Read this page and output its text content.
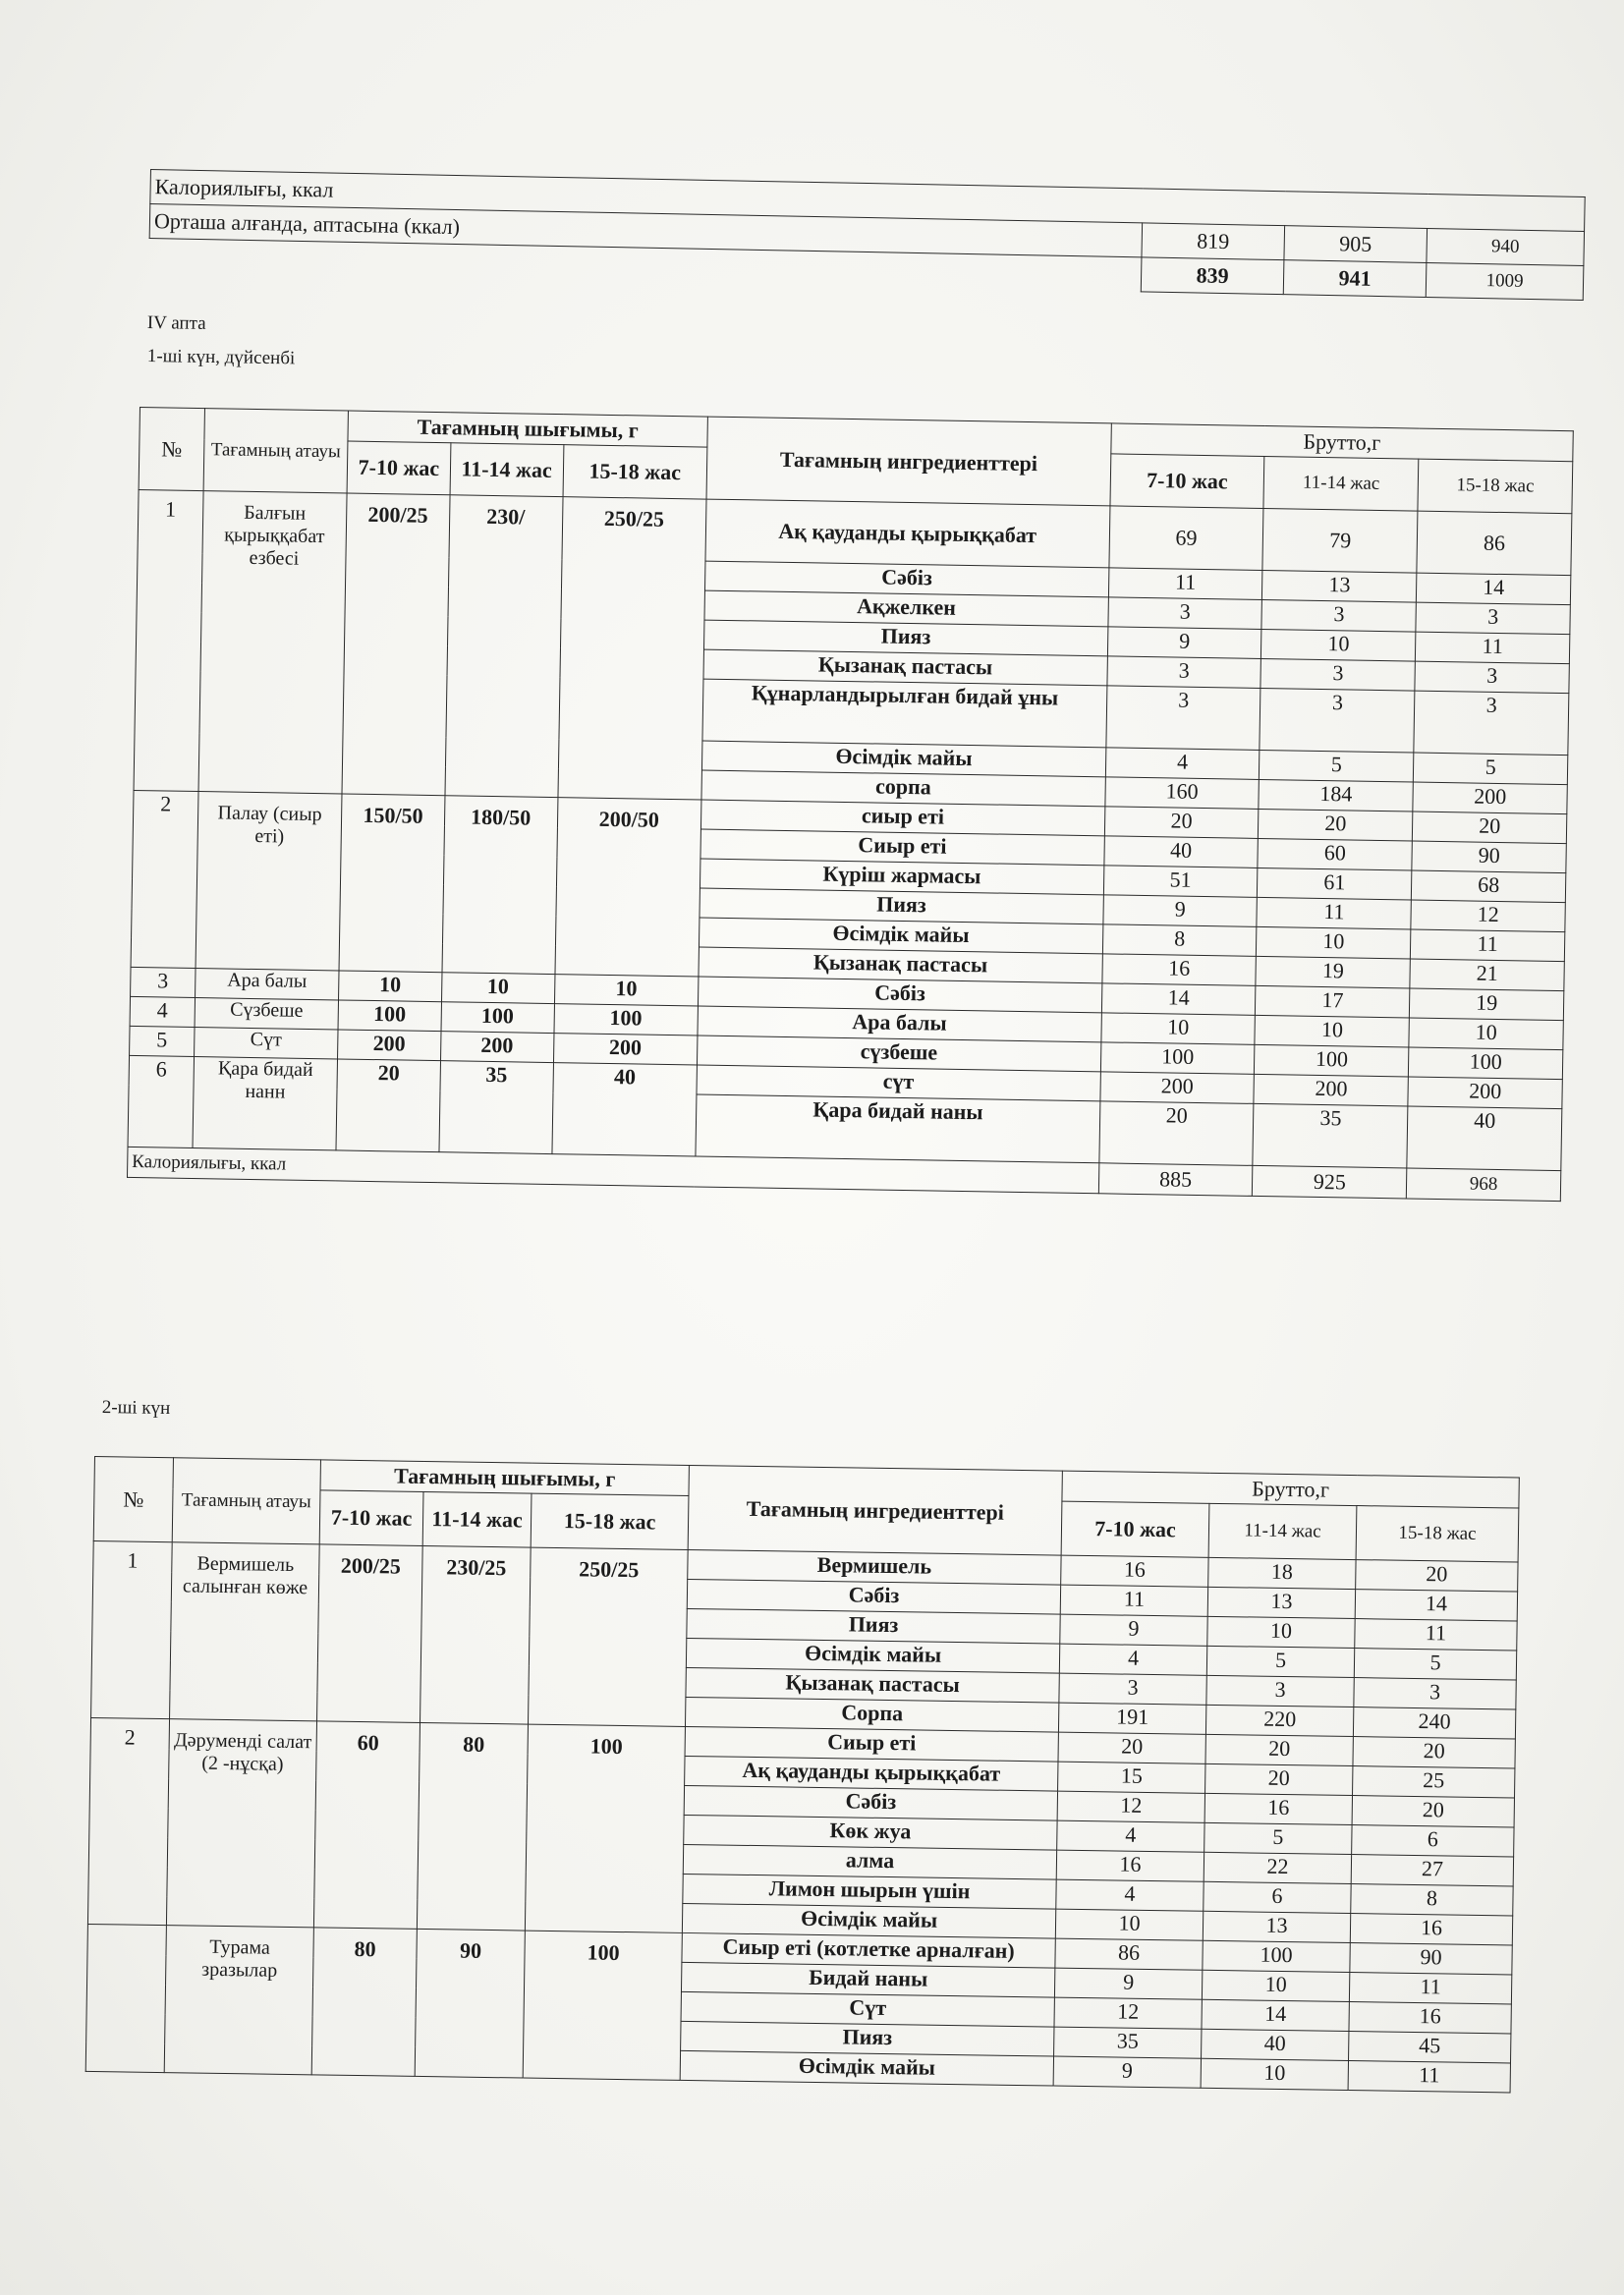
Калориялығы, ккал			
Орташа алғанда, аптасына (ккал)	819	905	940
	839	941	1009
IV апта
1-ші күн, дүйсенбі
№	Тағамның атауы	Тағамның шығымы, г			Тағамның ингредиенттері	Брутто,г		
		7-10 жас	11-14 жас	15-18 жас		7-10 жас	11-14 жас	15-18 жас
1	Балғын қырыққабат езбесі	200/25	230/	250/25	Ақ қауданды қырыққабат	69	79	86
					Сәбіз	11	13	14
					Ақжелкен	3	3	3
					Пияз	9	10	11
					Қызанақ пастасы	3	3	3
					Құнарландырылған бидай ұны	3	3	3
					Өсімдік майы	4	5	5
					сорпа	160	184	200
2	Палау (сиыр еті)	150/50	180/50	200/50	сиыр еті	20	20	20
					Сиыр еті	40	60	90
					Күріш жармасы	51	61	68
					Пияз	9	11	12
					Өсімдік майы	8	10	11
					Қызанақ пастасы	16	19	21
3	Ара балы	10	10	10	Сәбіз	14	17	19
4	Сүзбеше	100	100	100	Ара балы	10	10	10
5	Сүт	200	200	200	сүзбеше	100	100	100
6	Қара бидай нанн	20	35	40	сүт	200	200	200
					Қара бидай наны	20	35	40
Калориялығы, ккал						885	925	968
2-ші күн
№	Тағамның атауы	Тағамның шығымы, г			Тағамның ингредиенттері	Брутто,г		
		7-10 жас	11-14 жас	15-18 жас		7-10 жас	11-14 жас	15-18 жас
1	Вермишель салынған көже	200/25	230/25	250/25	Вермишель	16	18	20
					Сәбіз	11	13	14
					Пияз	9	10	11
					Өсімдік майы	4	5	5
					Қызанақ пастасы	3	3	3
					Сорпа	191	220	240
2	Дәруменді салат (2 -нұсқа)	60	80	100	Сиыр еті	20	20	20
					Ақ қауданды қырыққабат	15	20	25
					Сәбіз	12	16	20
					Көк жуа	4	5	6
					алма	16	22	27
					Лимон шырын үшін	4	6	8
					Өсімдік майы	10	13	16
	Турама зразылар	80	90	100	Сиыр еті (котлетке арналған)	86	100	90
					Бидай наны	9	10	11
					Сүт	12	14	16
					Пияз	35	40	45
					Өсімдік майы	9	10	11
